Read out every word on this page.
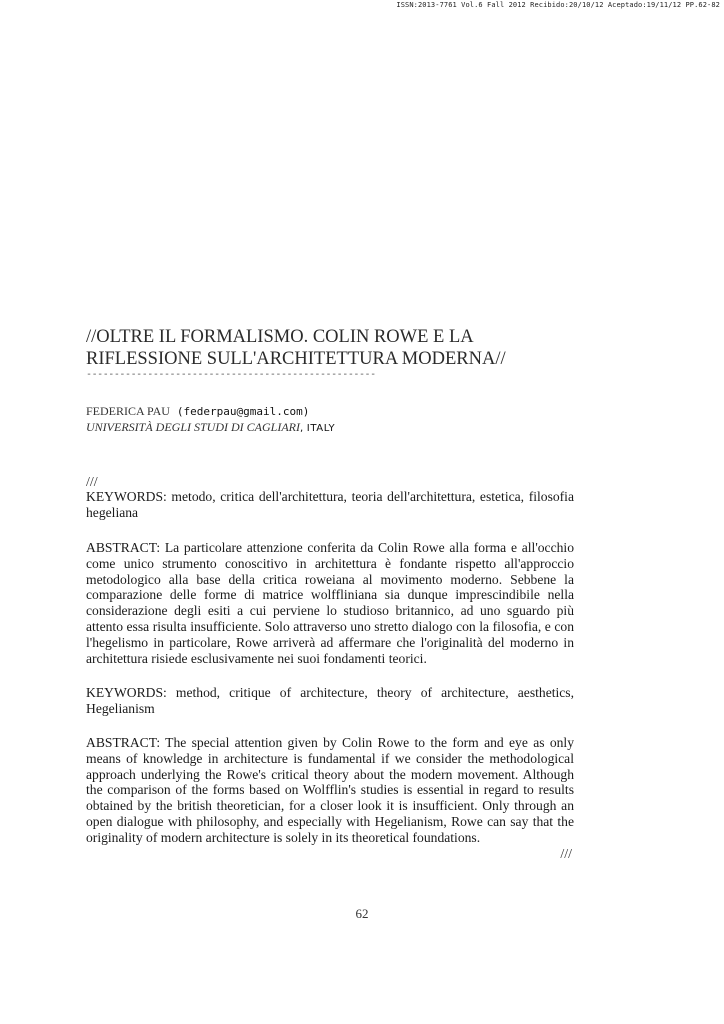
ISSN:2013-7761 Vol.6 Fall 2012 Recibido:20/10/12 Aceptado:19/11/12 PP.62-82
//OLTRE IL FORMALISMO. COLIN ROWE E LA
RIFLESSIONE SULL'ARCHITETTURA MODERNA//
----------------------------------------------------
FEDERICA PAU (federpau@gmail.com)
UNIVERSITÀ DEGLI STUDI DI CAGLIARI, ITALY
///

KEYWORDS: metodo, critica dell'architettura, teoria dell'architettura, estetica, filosofia hegeliana

ABSTRACT: La particolare attenzione conferita da Colin Rowe alla forma e all'occhio come unico strumento conoscitivo in architettura è fondante rispetto all'approccio metodologico alla base della critica roweiana al movimento moderno. Sebbene la comparazione delle forme di matrice wolffliniana sia dunque imprescindibile nella considerazione degli esiti a cui perviene lo studioso britannico, ad uno sguardo più attento essa risulta insufficiente. Solo attraverso uno stretto dialogo con la filosofia, e con l'hegelismo in particolare, Rowe arriverà ad affermare che l'originalità del moderno in architettura risiede esclusivamente nei suoi fondamenti teorici.

KEYWORDS: method, critique of architecture, theory of architecture, aesthetics, Hegelianism

ABSTRACT: The special attention given by Colin Rowe to the form and eye as only means of knowledge in architecture is fundamental if we consider the methodological approach underlying the Rowe's critical theory about the modern movement. Although the comparison of the forms based on Wolfflin's studies is essential in regard to results obtained by the british theoretician, for a closer look it is insufficient. Only through an open dialogue with philosophy, and especially with Hegelianism, Rowe can say that the originality of modern architecture is solely in its theoretical foundations.

///
62
